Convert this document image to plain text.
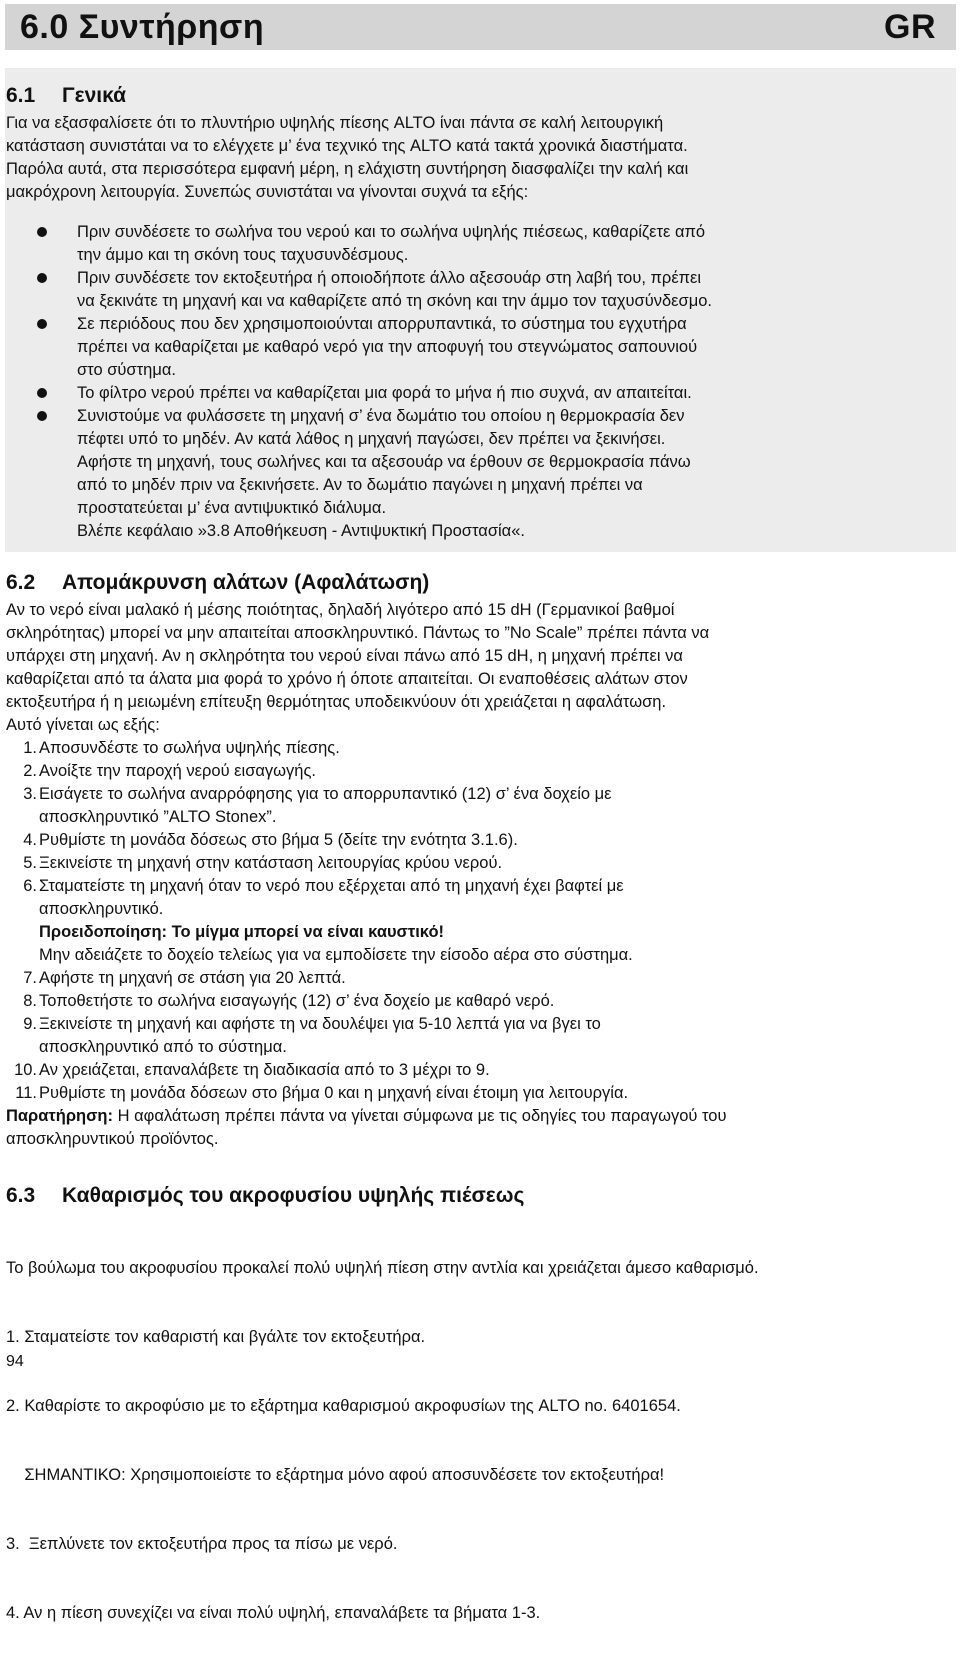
6.0 Συντήρηση	GR
6.1 Γενικά

Για να εξασφαλίσετε ότι το πλυντήριο υψηλής πίεσης ALTO ίναι πάντα σε καλή λειτουργική

κατάσταση συνιστάται να το ελέγχετε μ’ ένα τεχνικό της ALTO κατά τακτά χρονικά διαστήματα.

Παρόλα αυτά, στα περισσότερα εμφανή μέρη, η ελάχιστη συντήρηση διασφαλίζει την καλή και

μακρόχρονη λειτουργία. Συνεπώς συνιστάται να γίνονται συχνά τα εξής:

Πριν συνδέσετε το σωλήνα του νερού και το σωλήνα υψηλής πιέσεως, καθαρίζετε από
την άμμο και τη σκόνη τους ταχυσυνδέσμους.
Πριν συνδέσετε τον εκτοξευτήρα ή οποιοδήποτε άλλο αξεσουάρ στη λαβή του, πρέπει
να ξεκινάτε τη μηχανή και να καθαρίζετε από τη σκόνη και την άμμο τον ταχυσύνδεσμο.
Σε περιόδους που δεν χρησιμοποιούνται απορρυπαντικά, το σύστημα του εγχυτήρα
πρέπει να καθαρίζεται με καθαρό νερό για την αποφυγή του στεγνώματος σαπουνιού
στο σύστημα.
Το φίλτρο νερού πρέπει να καθαρίζεται μια φορά το μήνα ή πιο συχνά, αν απαιτείται.
Συνιστούμε να φυλάσσετε τη μηχανή σ’ ένα δωμάτιο του οποίου η θερμοκρασία δεν
πέφτει υπό το μηδέν. Αν κατά λάθος η μηχανή παγώσει, δεν πρέπει να ξεκινήσει.
Αφήστε τη μηχανή, τους σωλήνες και τα αξεσουάρ να έρθουν σε θερμοκρασία πάνω
από το μηδέν πριν να ξεκινήσετε. Αν το δωμάτιο παγώνει η μηχανή πρέπει να
προστατεύεται μ’ ένα αντιψυκτικό διάλυμα.
Βλέπε κεφάλαιο »3.8 Αποθήκευση - Αντιψυκτική Προστασία«.
6.2 Απομάκρυνση αλάτων (Αφαλάτωση)

Αν το νερό είναι μαλακό ή μέσης ποιότητας, δηλαδή λιγότερο από 15 dH (Γερμανικοί βαθμοί

σκληρότητας) μπορεί να μην απαιτείται αποσκληρυντικό. Πάντως το ”No Scale” πρέπει πάντα να

υπάρχει στη μηχανή. Αν η σκληρότητα του νερού είναι πάνω από 15 dH, η μηχανή πρέπει να

καθαρίζεται από τα άλατα μια φορά το χρόνο ή όποτε απαιτείται. Οι εναποθέσεις αλάτων στον

εκτοξευτήρα ή η μειωμένη επίτευξη θερμότητας υποδεικνύουν ότι χρειάζεται η αφαλάτωση.

Αυτό γίνεται ως εξής:

1. Αποσυνδέστε το σωλήνα υψηλής πίεσης.
2. Ανοίξτε την παροχή νερού εισαγωγής.
3. Εισάγετε το σωλήνα αναρρόφησης για το απορρυπαντικό (12) σ’ ένα δοχείο με
αποσκληρυντικό ”ALTO Stonex”.
4. Ρυθμίστε τη μονάδα δόσεως στο βήμα 5 (δείτε την ενότητα 3.1.6).
5. Ξεκινείστε τη μηχανή στην κατάσταση λειτουργίας κρύου νερού.
6. Σταματείστε τη μηχανή όταν το νερό που εξέρχεται από τη μηχανή έχει βαφτεί με
αποσκληρυντικό.
Προειδοποίηση: Το μίγμα μπορεί να είναι καυστικό!
Μην αδειάζετε το δοχείο τελείως για να εμποδίσετε την είσοδο αέρα στο σύστημα.
7. Αφήστε τη μηχανή σε στάση για 20 λεπτά.
8. Τοποθετήστε το σωλήνα εισαγωγής (12) σ’ ένα δοχείο με καθαρό νερό.
9. Ξεκινείστε τη μηχανή και αφήστε τη να δουλέψει για 5-10 λεπτά για να βγει το
αποσκληρυντικό από το σύστημα.
10. Αν χρειάζεται, επαναλάβετε τη διαδικασία από το 3 μέχρι το 9.
11. Ρυθμίστε τη μονάδα δόσεων στο βήμα 0 και η μηχανή είναι έτοιμη για λειτουργία.

Παρατήρηση: Η αφαλάτωση πρέπει πάντα να γίνεται σύμφωνα με τις οδηγίες του παραγωγού του

αποσκληρυντικού προϊόντος.

6.3 Καθαρισμός του ακροφυσίου υψηλής πιέσεως

Το βούλωμα του ακροφυσίου προκαλεί πολύ υψηλή πίεση στην αντλία και χρειάζεται άμεσο καθαρισμό.

1. Σταματείστε τον καθαριστή και βγάλτε τον εκτοξευτήρα.

2. Καθαρίστε το ακροφύσιο με το εξάρτημα καθαρισμού ακροφυσίων της ALTO no. 6401654.

ΣΗΜΑΝΤΙΚΟ: Χρησιμοποιείστε το εξάρτημα μόνο αφού αποσυνδέσετε τον εκτοξευτήρα!

3.  Ξεπλύνετε τον εκτοξευτήρα προς τα πίσω με νερό.

4. Αν η πίεση συνεχίζει να είναι πολύ υψηλή, επαναλάβετε τα βήματα 1-3.

94
